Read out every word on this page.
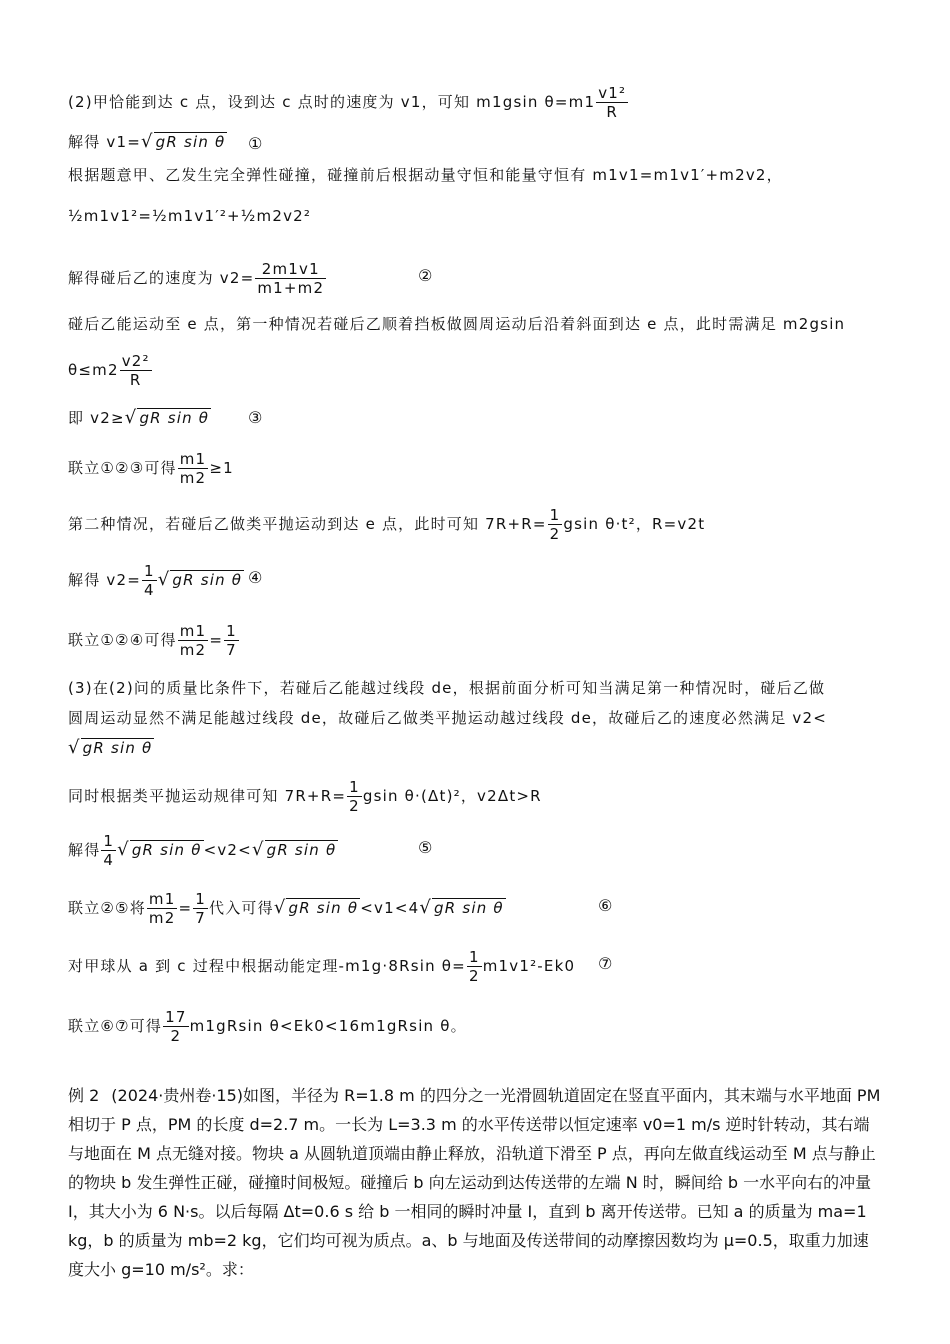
(2)甲恰能到达 c 点，设到达 c 点时的速度为 v1，可知 m1gsin $\theta=m1 \frac{\text{v1²}}{R}$
解得 v1=√ gR sin θ ①
根据题意甲、乙发生完全弹性碰撞，碰撞前后根据动量守恒和能量守恒有 m1v1=m1v1′+m2v2，
½m1v1²=½m1v1′²+½m2v2²
解得碰后乙的速度为 $v2= \frac{2m1v1}{m1+m2}$	②
碰后乙能运动至 e 点，第一种情况若碰后乙顺着挡板做圆周运动后沿着斜面到达 e 点，此时需满足 m2gsin
$\theta\le m2 \frac{\text{v2²}}{R}$
即 v2≥√ gR sin θ ③
联立①②③可得 $\frac{m1}{m2} \ge 1$
第二种情况，若碰后乙做类平抛运动到达 e 点，此时可知 $7R+R= \frac{1}{2}$ gsin θ·t²，R=v2t
解得 $v2= \frac{1}{4}$ √ gR sin θ ④
联立①②④可得 $\frac{m1}{m2} = \frac{1}{7}$
(3)在(2)问的质量比条件下，若碰后乙能越过线段 de，根据前面分析可知当满足第一种情况时，碰后乙做
圆周运动显然不满足能越过线段 de，故碰后乙做类平抛运动越过线段 de，故碰后乙的速度必然满足 v2<
√ gR sin θ
同时根据类平抛运动规律可知 $7R+R= \frac{1}{2}$ gsin θ·(Δt)²，v2Δt>R
解得 $\frac{1}{4}$ √ gR sin θ <v2<√ gR sin θ	⑤
联立②⑤将 $\frac{m1}{m2} = \frac{1}{7}$ 代入可得√ gR sin θ <v1<4√ gR sin θ	⑥
对甲球从 a 到 c 过程中根据动能定理-m1g·8Rsin $\theta= \frac{1}{2} m1v1^2-Ek0$ ⑦
联立⑥⑦可得 $\frac{17}{2} m1gRsin$ θ<Ek0<16m1gRsin θ。
例 2 (2024·贵州卷·15)如图，半径为 R=1.8 m 的四分之一光滑圆轨道固定在竖直平面内，其末端与水平地面 PM 相切于 P 点，PM 的长度 d=2.7 m。一长为 L=3.3 m 的水平传送带以恒定速率 v0=1 m/s 逆时针转动，其右端与地面在 M 点无缝对接。物块 a 从圆轨道顶端由静止释放，沿轨道下滑至 P 点，再向左做直线运动至 M 点与静止的物块 b 发生弹性正碰，碰撞时间极短。碰撞后 b 向左运动到达传送带的左端 N 时，瞬间给 b 一水平向右的冲量 I，其大小为 6 N·s。以后每隔 Δt=0.6 s 给 b 一相同的瞬时冲量 I，直到 b 离开传送带。已知 a 的质量为 ma=1 kg，b 的质量为 mb=2 kg，它们均可视为质点。a、b 与地面及传送带间的动摩擦因数均为 μ=0.5，取重力加速度大小 g=10 m/s²。求：
